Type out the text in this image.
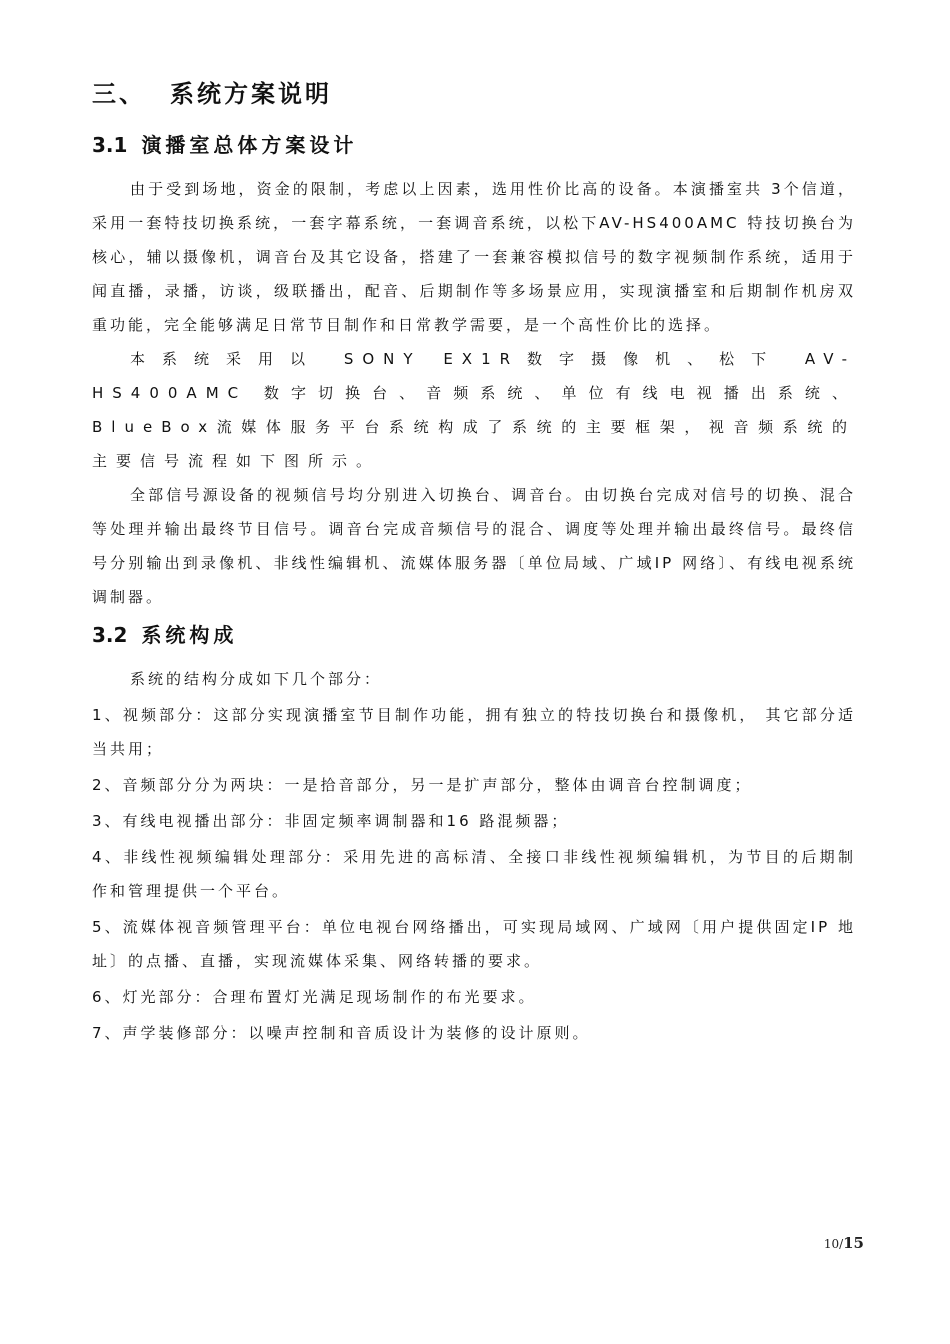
三、 系统方案说明
3.1 演播室总体方案设计

由于受到场地，资金的限制，考虑以上因素，选用性价比高的设备。本演播室共 3个信道，采用一套特技切换系统，一套字幕系统，一套调音系统，以松下AV-HS400AMC 特技切换台为核心，辅以摄像机，调音台及其它设备，搭建了一套兼容模拟信号的数字视频制作系统，适用于 闻直播，录播，访谈，级联播出，配音、后期制作等多场景应用，实现演播室和后期制作机房双重功能，完全能够满足日常节目制作和日常教学需要，是一个高性价比的选择。

本系统采用以 SONY EX1R数字摄像机、松下 AV-HS400AMC 数字切换台、音频系统、单位有线电视播出系统、BlueBox流媒体服务平台系统构成了系统的主要框架，视音频系统的主要信号流程如下图所示。

全部信号源设备的视频信号均分别进入切换台、调音台。由切换台完成对信号的切换、混合等处理并输出最终节目信号。调音台完成音频信号的混合、调度等处理并输出最终信号。最终信号分别输出到录像机、非线性编辑机、流媒体服务器〔单位局域、广域IP 网络〕、有线电视系统调制器。

3.2 系统构成

系统的结构分成如下几个部分：

1、视频部分：这部分实现演播室节目制作功能，拥有独立的特技切换台和摄像机， 其它部分适当共用；
2、音频部分分为两块：一是拾音部分，另一是扩声部分，整体由调音台控制调度；
3、有线电视播出部分：非固定频率调制器和16 路混频器；
4、非线性视频编辑处理部分：采用先进的高标清、全接口非线性视频编辑机，为节目的后期制作和管理提供一个平台。
5、流媒体视音频管理平台：单位电视台网络播出，可实现局域网、广域网〔用户提供固定IP 地址〕的点播、直播，实现流媒体采集、网络转播的要求。
6、灯光部分：合理布置灯光满足现场制作的布光要求。
7、声学装修部分：以噪声控制和音质设计为装修的设计原则。
10/15
